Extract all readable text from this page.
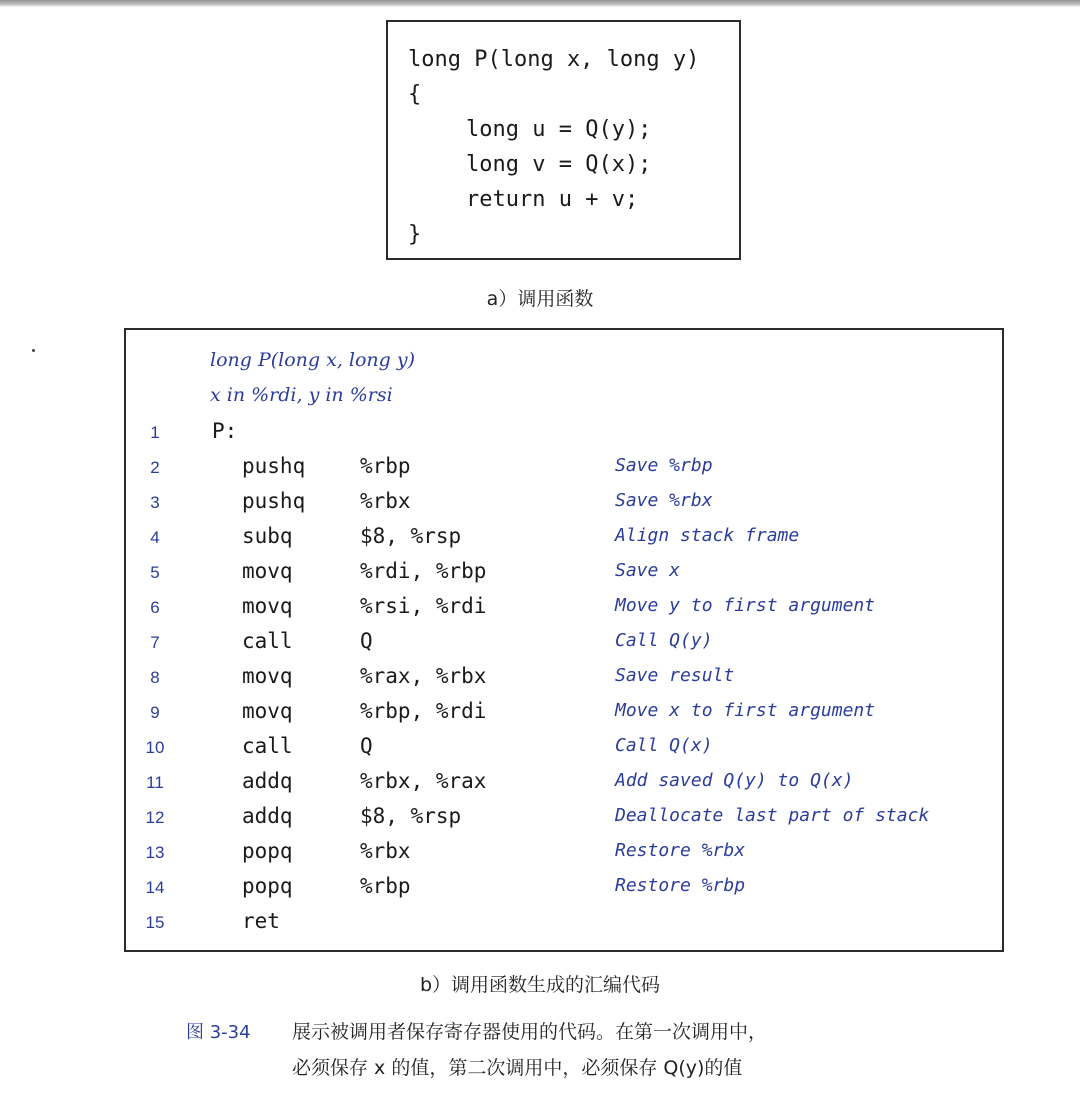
long P(long x, long y)
{
long u = Q(y);
long v = Q(x);
return u + v;
}
a）调用函数
long P(long x, long y)
x in %rdi, y in %rsi
1	P:
2	pushq	%rbp	Save %rbp
3	pushq	%rbx	Save %rbx
4	subq	$8, %rsp	Align stack frame
5	movq	%rdi, %rbp	Save x
6	movq	%rsi, %rdi	Move y to first argument
7	call	Q	Call Q(y)
8	movq	%rax, %rbx	Save result
9	movq	%rbp, %rdi	Move x to first argument
10	call	Q	Call Q(x)
11	addq	%rbx, %rax	Add saved Q(y) to Q(x)
12	addq	$8, %rsp	Deallocate last part of stack
13	popq	%rbx	Restore %rbx
14	popq	%rbp	Restore %rbp
15	ret
b）调用函数生成的汇编代码
图 3-34 展示被调用者保存寄存器使用的代码。在第一次调用中，
必须保存 x 的值，第二次调用中，必须保存 Q(y)的值
